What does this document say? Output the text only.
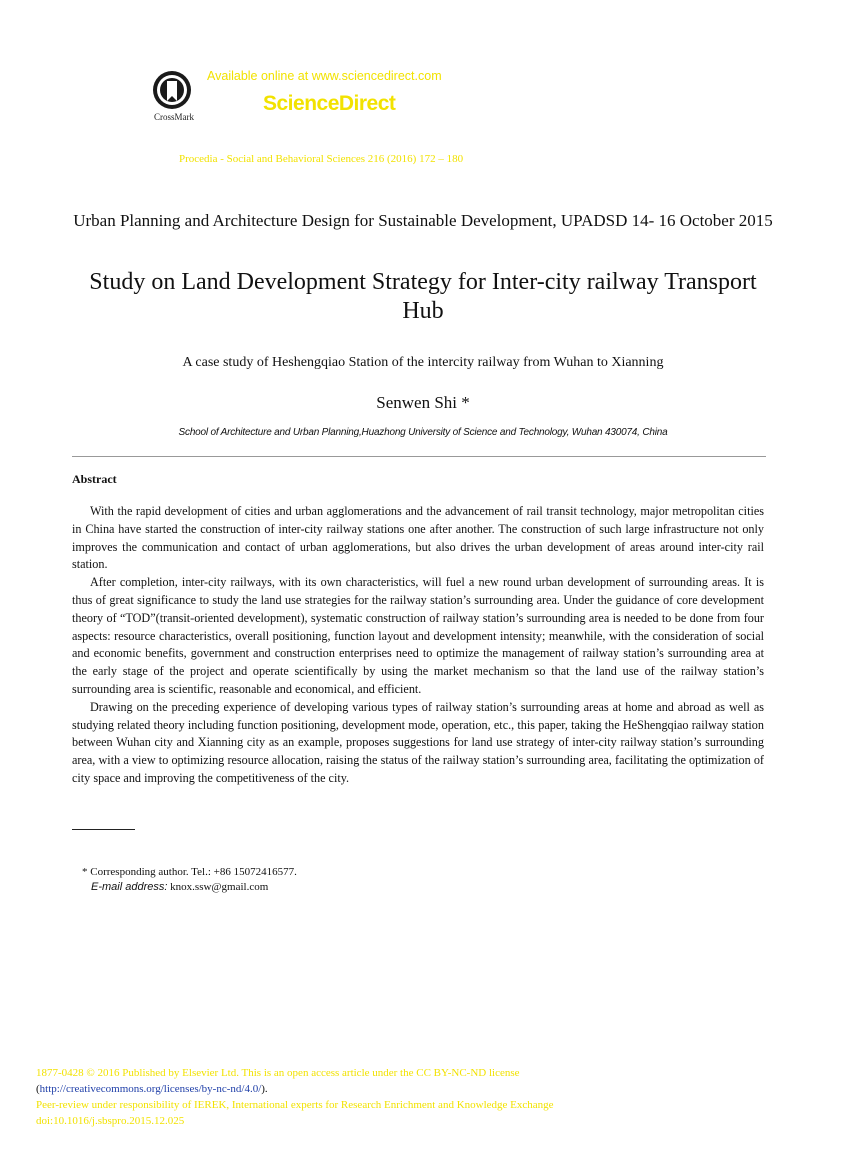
CrossMark
Available online at www.sciencedirect.com
ScienceDirect
Procedia - Social and Behavioral Sciences 216 (2016) 172 – 180
Urban Planning and Architecture Design for Sustainable Development, UPADSD 14- 16 October 2015
Study on Land Development Strategy for Inter-city railway Transport Hub
A case study of Heshengqiao Station of the intercity railway from Wuhan to Xianning
Senwen Shi *
School of Architecture and Urban Planning,Huazhong University of Science and Technology, Wuhan 430074, China
Abstract

With the rapid development of cities and urban agglomerations and the advancement of rail transit technology, major metropolitan cities in China have started the construction of inter-city railway stations one after another. The construction of such large infrastructure not only improves the communication and contact of urban agglomerations, but also drives the urban development of areas around inter-city rail station.

After completion, inter-city railways, with its own characteristics, will fuel a new round urban development of surrounding areas. It is thus of great significance to study the land use strategies for the railway station’s surrounding area. Under the guidance of core development theory of “TOD”(transit-oriented development), systematic construction of railway station’s surrounding area is needed to be done from four aspects: resource characteristics, overall positioning, function layout and development intensity; meanwhile, with the consideration of social and economic benefits, government and construction enterprises need to optimize the management of railway station’s surrounding area at the early stage of the project and operate scientifically by using the market mechanism so that the land use of the railway station’s surrounding area is scientific, reasonable and economical, and efficient.

Drawing on the preceding experience of developing various types of railway station’s surrounding areas at home and abroad as well as studying related theory including function positioning, development mode, operation, etc., this paper, taking the HeShengqiao railway station between Wuhan city and Xianning city as an example, proposes suggestions for land use strategy of inter-city railway station’s surrounding area, with a view to optimizing resource allocation, raising the status of the railway station’s surrounding area, facilitating the optimization of city space and improving the competitiveness of the city.

* Corresponding author. Tel.: +86 15072416577.
E-mail address: knox.ssw@gmail.com
1877-0428 © 2016 Published by Elsevier Ltd. This is an open access article under the CC BY-NC-ND license
(http://creativecommons.org/licenses/by-nc-nd/4.0/).
Peer-review under responsibility of IEREK, International experts for Research Enrichment and Knowledge Exchange
doi:10.1016/j.sbspro.2015.12.025
